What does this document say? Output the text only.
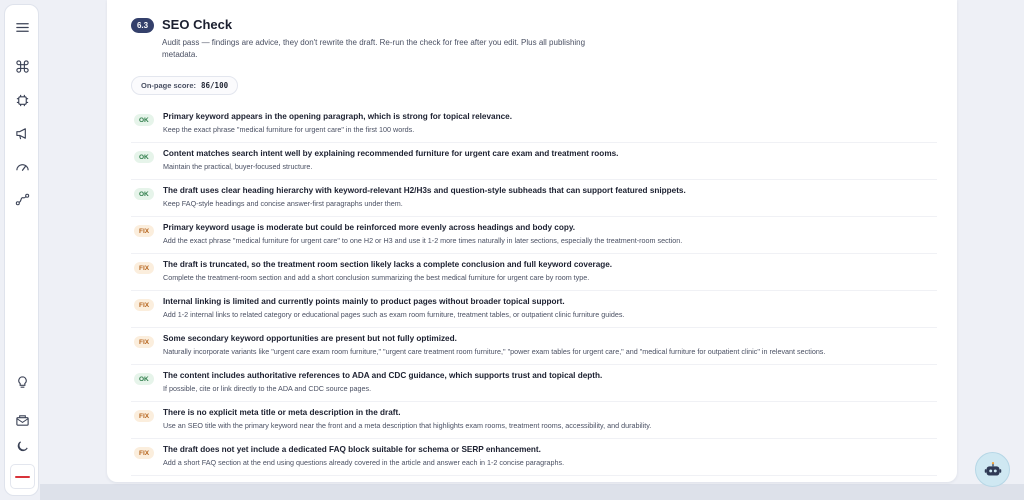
6.3	SEO Check
Audit pass — findings are advice, they don't rewrite the draft. Re-run the check for free after you edit. Plus all publishing metadata.
On-page score: 86/100
OK	Primary keyword appears in the opening paragraph, which is strong for topical relevance.
Keep the exact phrase "medical furniture for urgent care" in the first 100 words.
OK	Content matches search intent well by explaining recommended furniture for urgent care exam and treatment rooms.
Maintain the practical, buyer-focused structure.
OK	The draft uses clear heading hierarchy with keyword-relevant H2/H3s and question-style subheads that can support featured snippets.
Keep FAQ-style headings and concise answer-first paragraphs under them.
FIX	Primary keyword usage is moderate but could be reinforced more evenly across headings and body copy.
Add the exact phrase "medical furniture for urgent care" to one H2 or H3 and use it 1-2 more times naturally in later sections, especially the treatment-room section.
FIX	The draft is truncated, so the treatment room section likely lacks a complete conclusion and full keyword coverage.
Complete the treatment-room section and add a short conclusion summarizing the best medical furniture for urgent care by room type.
FIX	Internal linking is limited and currently points mainly to product pages without broader topical support.
Add 1-2 internal links to related category or educational pages such as exam room furniture, treatment tables, or outpatient clinic furniture guides.
FIX	Some secondary keyword opportunities are present but not fully optimized.
Naturally incorporate variants like "urgent care exam room furniture," "urgent care treatment room furniture," "power exam tables for urgent care," and "medical furniture for outpatient clinic" in relevant sections.
OK	The content includes authoritative references to ADA and CDC guidance, which supports trust and topical depth.
If possible, cite or link directly to the ADA and CDC source pages.
FIX	There is no explicit meta title or meta description in the draft.
Use an SEO title with the primary keyword near the front and a meta description that highlights exam rooms, treatment rooms, accessibility, and durability.
FIX	The draft does not yet include a dedicated FAQ block suitable for schema or SERP enhancement.
Add a short FAQ section at the end using questions already covered in the article and answer each in 1-2 concise paragraphs.
